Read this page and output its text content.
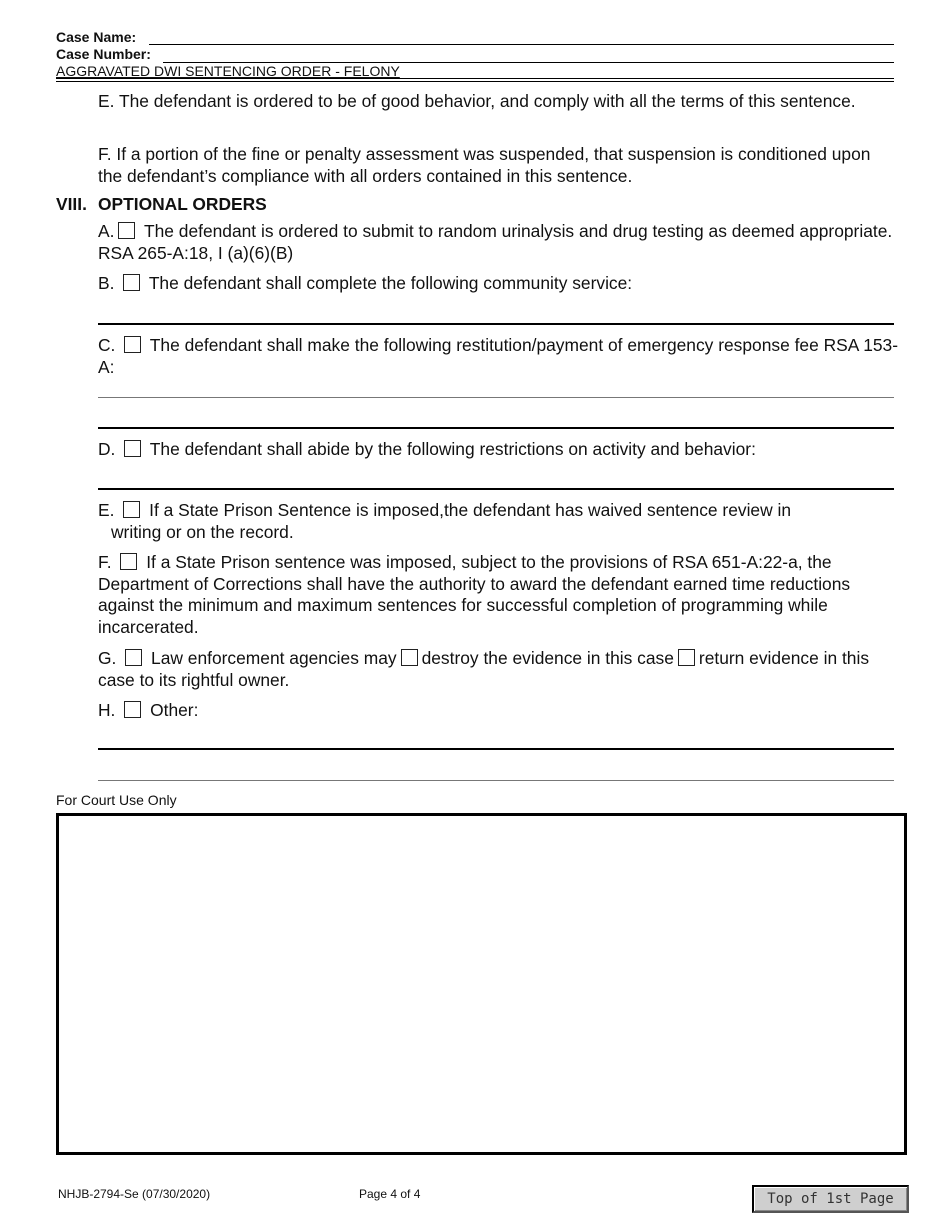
Case Name:
Case Number:
AGGRAVATED DWI SENTENCING ORDER - FELONY

E. The defendant is ordered to be of good behavior, and comply with all the terms of this sentence.

F. If a portion of the fine or penalty assessment was suspended, that suspension is conditioned upon the defendant’s compliance with all orders contained in this sentence.

VIII. OPTIONAL ORDERS

A. The defendant is ordered to submit to random urinalysis and drug testing as deemed appropriate. RSA 265-A:18, I (a)(6)(B)

B. The defendant shall complete the following community service:

C. The defendant shall make the following restitution/payment of emergency response fee RSA 153-A:

D. The defendant shall abide by the following restrictions on activity and behavior:

E. If a State Prison Sentence is imposed,the defendant has waived sentence review in
writing or on the record.

F. If a State Prison sentence was imposed, subject to the provisions of RSA 651-A:22-a, the Department of Corrections shall have the authority to award the defendant earned time reductions against the minimum and maximum sentences for successful completion of programming while incarcerated.

G. Law enforcement agencies may destroy the evidence in this case return evidence in this case to its rightful owner.

H. Other:

For Court Use Only
NHJB-2794-Se (07/30/2020)	Page 4 of 4	Top of 1st Page
